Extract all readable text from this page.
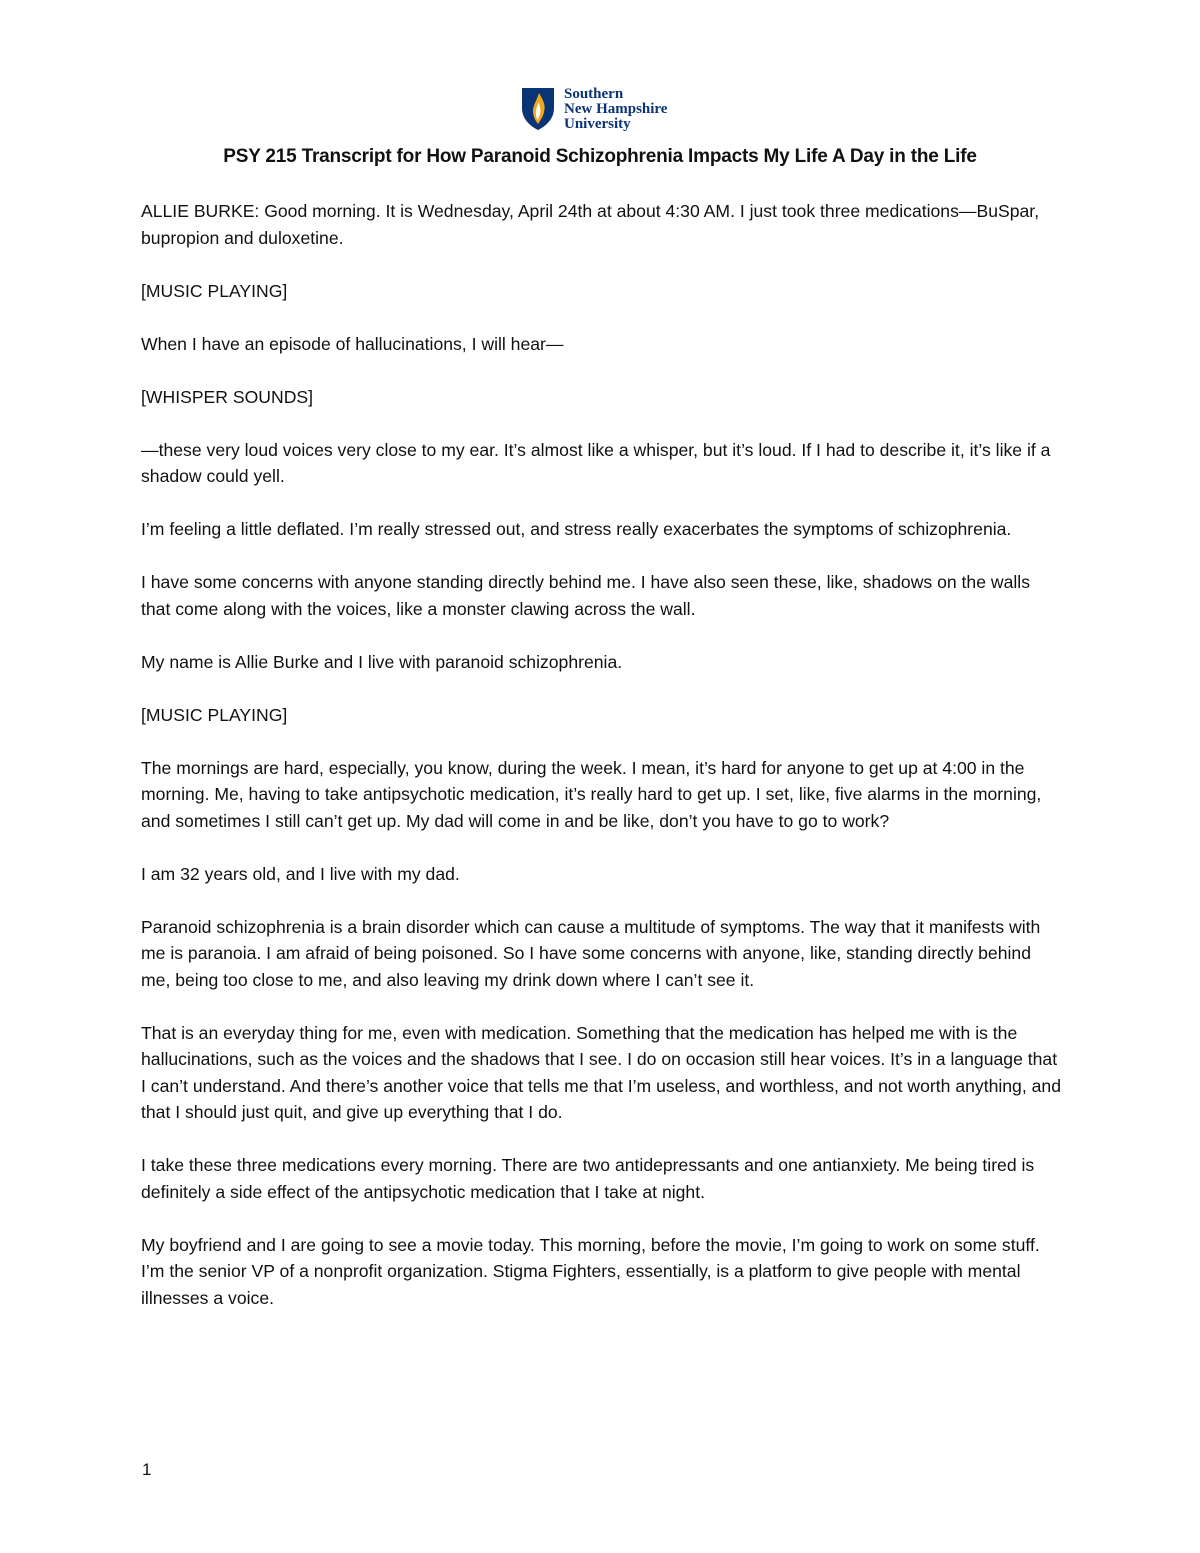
Southern
New Hampshire
University
PSY 215 Transcript for How Paranoid Schizophrenia Impacts My Life A Day in the Life

ALLIE BURKE: Good morning. It is Wednesday, April 24th at about 4:30 AM. I just took three medications—BuSpar, bupropion and duloxetine.

[MUSIC PLAYING]

When I have an episode of hallucinations, I will hear—

[WHISPER SOUNDS]

—these very loud voices very close to my ear. It’s almost like a whisper, but it’s loud. If I had to describe it, it’s like if a shadow could yell.

I’m feeling a little deflated. I’m really stressed out, and stress really exacerbates the symptoms of schizophrenia.

I have some concerns with anyone standing directly behind me. I have also seen these, like, shadows on the walls that come along with the voices, like a monster clawing across the wall.

My name is Allie Burke and I live with paranoid schizophrenia.

[MUSIC PLAYING]

The mornings are hard, especially, you know, during the week. I mean, it’s hard for anyone to get up at 4:00 in the morning. Me, having to take antipsychotic medication, it’s really hard to get up. I set, like, five alarms in the morning, and sometimes I still can’t get up. My dad will come in and be like, don’t you have to go to work?

I am 32 years old, and I live with my dad.

Paranoid schizophrenia is a brain disorder which can cause a multitude of symptoms. The way that it manifests with me is paranoia. I am afraid of being poisoned. So I have some concerns with anyone, like, standing directly behind me, being too close to me, and also leaving my drink down where I can’t see it.

That is an everyday thing for me, even with medication. Something that the medication has helped me with is the hallucinations, such as the voices and the shadows that I see. I do on occasion still hear voices. It’s in a language that I can’t understand. And there’s another voice that tells me that I’m useless, and worthless, and not worth anything, and that I should just quit, and give up everything that I do.

I take these three medications every morning. There are two antidepressants and one antianxiety. Me being tired is definitely a side effect of the antipsychotic medication that I take at night.

My boyfriend and I are going to see a movie today. This morning, before the movie, I’m going to work on some stuff. I’m the senior VP of a nonprofit organization. Stigma Fighters, essentially, is a platform to give people with mental illnesses a voice.

1
